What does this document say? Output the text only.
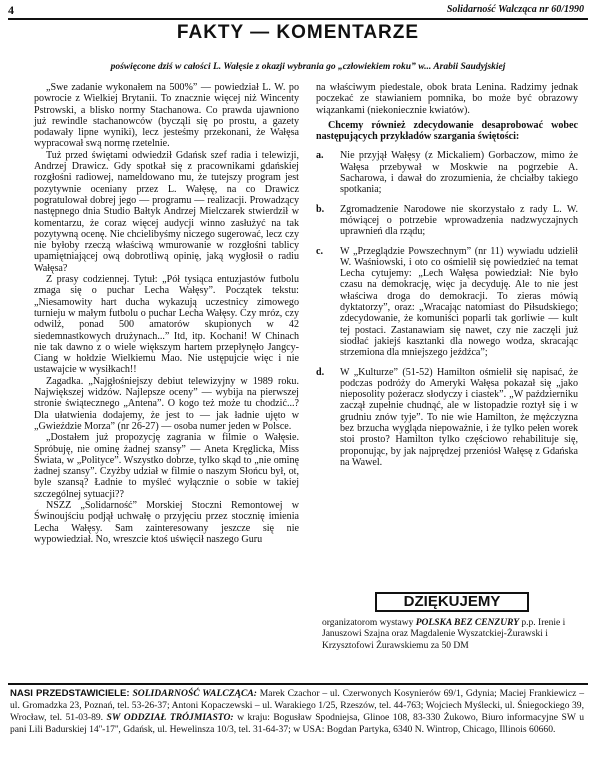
4	Solidarność Walcząca nr 60/1990
FAKTY — KOMENTARZE
poświęcone dziś w całości L. Wałęsie z okazji wybrania go „człowiekiem roku” w... Arabii Saudyjskiej

„Swe zadanie wykonałem na 500%” — powiedział L. W. po powrocie z Wielkiej Brytanii. To znacznie więcej niż Wincenty Pstrowski, a blisko normy Stachanowa. Co prawda ujawniono już rewindle stachanowców (bycząli się po prostu, a gazety podawały lipne wyniki), lecz jesteśmy przekonani, że Wałęsa wypracował swą normę rzetelnie.

Tuż przed świętami odwiedził Gdańsk szef radia i telewizji, Andrzej Drawicz. Gdy spotkał się z pracownikami gdańskiej rozgłośni radiowej, nameldowano mu, że tutejszy program jest pozytywnie oceniany przez L. Wałęsę, na co Drawicz pogratulował dobrej jego — programu — realizacji. Prowadzący następnego dnia Studio Bałtyk Andrzej Mielczarek stwierdził w komentarzu, że coraz więcej audycji winno zasłużyć na tak pozytywną ocenę. Nie chcielibyśmy niczego sugerować, lecz czy nie byłoby rzeczą właściwą wmurowanie w rozgłośni tablicy upamiętniającej ową dobrotliwą opinię, jaką wygłosił o radiu Wałęsa?

Z prasy codziennej. Tytuł: „Pół tysiąca entuzjastów futbolu zmaga się o puchar Lecha Wałęsy”. Początek tekstu: „Niesamowity hart ducha wykazują uczestnicy zimowego turnieju w małym futbolu o puchar Lecha Wałęsy. Czy mróz, czy odwilż, ponad 500 amatorów skupionych w 42 siedemnastkowych drużynach...” Itd, itp. Kochani! W Chinach nie tak dawno z o wiele większym hartem przepłynęło Jangcy-Ciang w hołdzie Wielkiemu Mao. Nie ustępujcie więc i nie ustawajcie w wysiłkach!!

Zagadka. „Najgłośniejszy debiut telewizyjny w 1989 roku. Największej widzów. Najlepsze oceny” — wybija na pierwszej stronie świątecznego „Antena”. O kogo też może tu chodzić...? Dla ułatwienia dodajemy, że jest to — jak ładnie ujęto w „Gwieździe Morza” (nr 26-27) — osoba numer jeden w Polsce.

„Dostałem już propozycję zagrania w filmie o Wałęsie. Spróbuję, nie ominę żadnej szansy” — Aneta Kręglicka, Miss Świata, w „Polityce”. Wszystko dobrze, tylko skąd to „nie ominę żadnej szansy”. Czyżby udział w filmie o naszym Słońcu był, ot, byle szansą? Ładnie to myśleć wyłącznie o sobie w takiej szczególnej sytuacji??

NSZZ „Solidarność” Morskiej Stoczni Remontowej w Świnoujściu podjął uchwałę o przyjęciu przez stocznię imienia Lecha Wałęsy. Sam zainteresowany jeszcze się nie wypowiedział. No, wreszcie ktoś uświęcił naszego Guru

na właściwym piedestale, obok brata Lenina. Radzimy jednak poczekać ze stawianiem pomnika, bo może być obrazowy wiązankami (niekoniecznie kwiatów).

Chcemy również zdecydowanie desaprobować wobec następujących przykładów szargania świętości:

a. Nie przyjął Wałęsy (z Mickaliem) Gorbaczow, mimo że Wałęsa przebywał w Moskwie na pogrzebie A. Sacharowa, i dawał do zrozumienia, że chciałby takiego spotkania;
b. Zgromadzenie Narodowe nie skorzystało z rady L. W. mówiącej o potrzebie wprowadzenia nadzwyczajnych uprawnień dla rządu;
c. W „Przeglądzie Powszechnym” (nr 11) wywiadu udzielił W. Waśniowski, i oto co ośmielił się powiedzieć na temat Lecha cytujemy: „Lech Wałęsa powiedział: Nie było czasu na demokrację, więc ja decyduję. Ale to nie jest właściwa droga do demokracji. To zieras mówią dyktatorzy”, oraz: „Wracając natomiast do Piłsudskiego; zdecydowanie, że komuniści poparli tak gorliwie — kult tej postaci. Zastanawiam się nawet, czy nie zaczęli już siodłać jakiejś kasztanki dla nowego wodza, skracając strzemiona dla mniejszego jeźdźca”;
d. W „Kulturze” (51-52) Hamilton ośmielił się napisać, że podczas podróży do Ameryki Wałęsa pokazał się „jako nieposolity pożeracz słodyczy i ciastek”. „W październiku zaczął zupełnie chudnąć, ale w listopadzie roztył się i w grudniu znów tyje”. To nie wie Hamilton, że mężczyzna bez brzucha wygląda niepoważnie, i że tylko pełen worek stoi prosto? Hamilton tylko częściowo rehabilituje się, proponując, by jak najprędzej przeniósł Wałęsę z Gdańska na Wawel.
DZIĘKUJEMY
organizatorom wystawy POLSKA BEZ CENZURY p.p. Irenie i Januszowi Szajna oraz Magdalenie Wyszatckiej-Żurawski i Krzysztofowi Żurawskiemu za 50 DM
NASI PRZEDSTAWICIELE: SOLIDARNOŚĆ WALCZĄCA: Marek Czachor – ul. Czerwonych Kosynierów 69/1, Gdynia; Maciej Frankiewicz – ul. Gromadzka 23, Poznań, tel. 53-26-37; Antoni Kopaczewski – ul. Warakiego 1/25, Rzeszów, tel. 44-763; Wojciech Myślecki, ul. Śniegockiego 39, Wrocław, tel. 51-03-89. SW ODDZIAŁ TRÓJMIASTO: w kraju: Bogusław Spodniejsa, Glinoe 108, 83-330 Żukowo, Biuro informacyjne SW u pani Lili Badurskiej 14''-17'', Gdańsk, ul. Hewelinsza 10/3, tel. 31-64-37; w USA: Bogdan Partyka, 6340 N. Wintrop, Chicago, Illinois 60660.
